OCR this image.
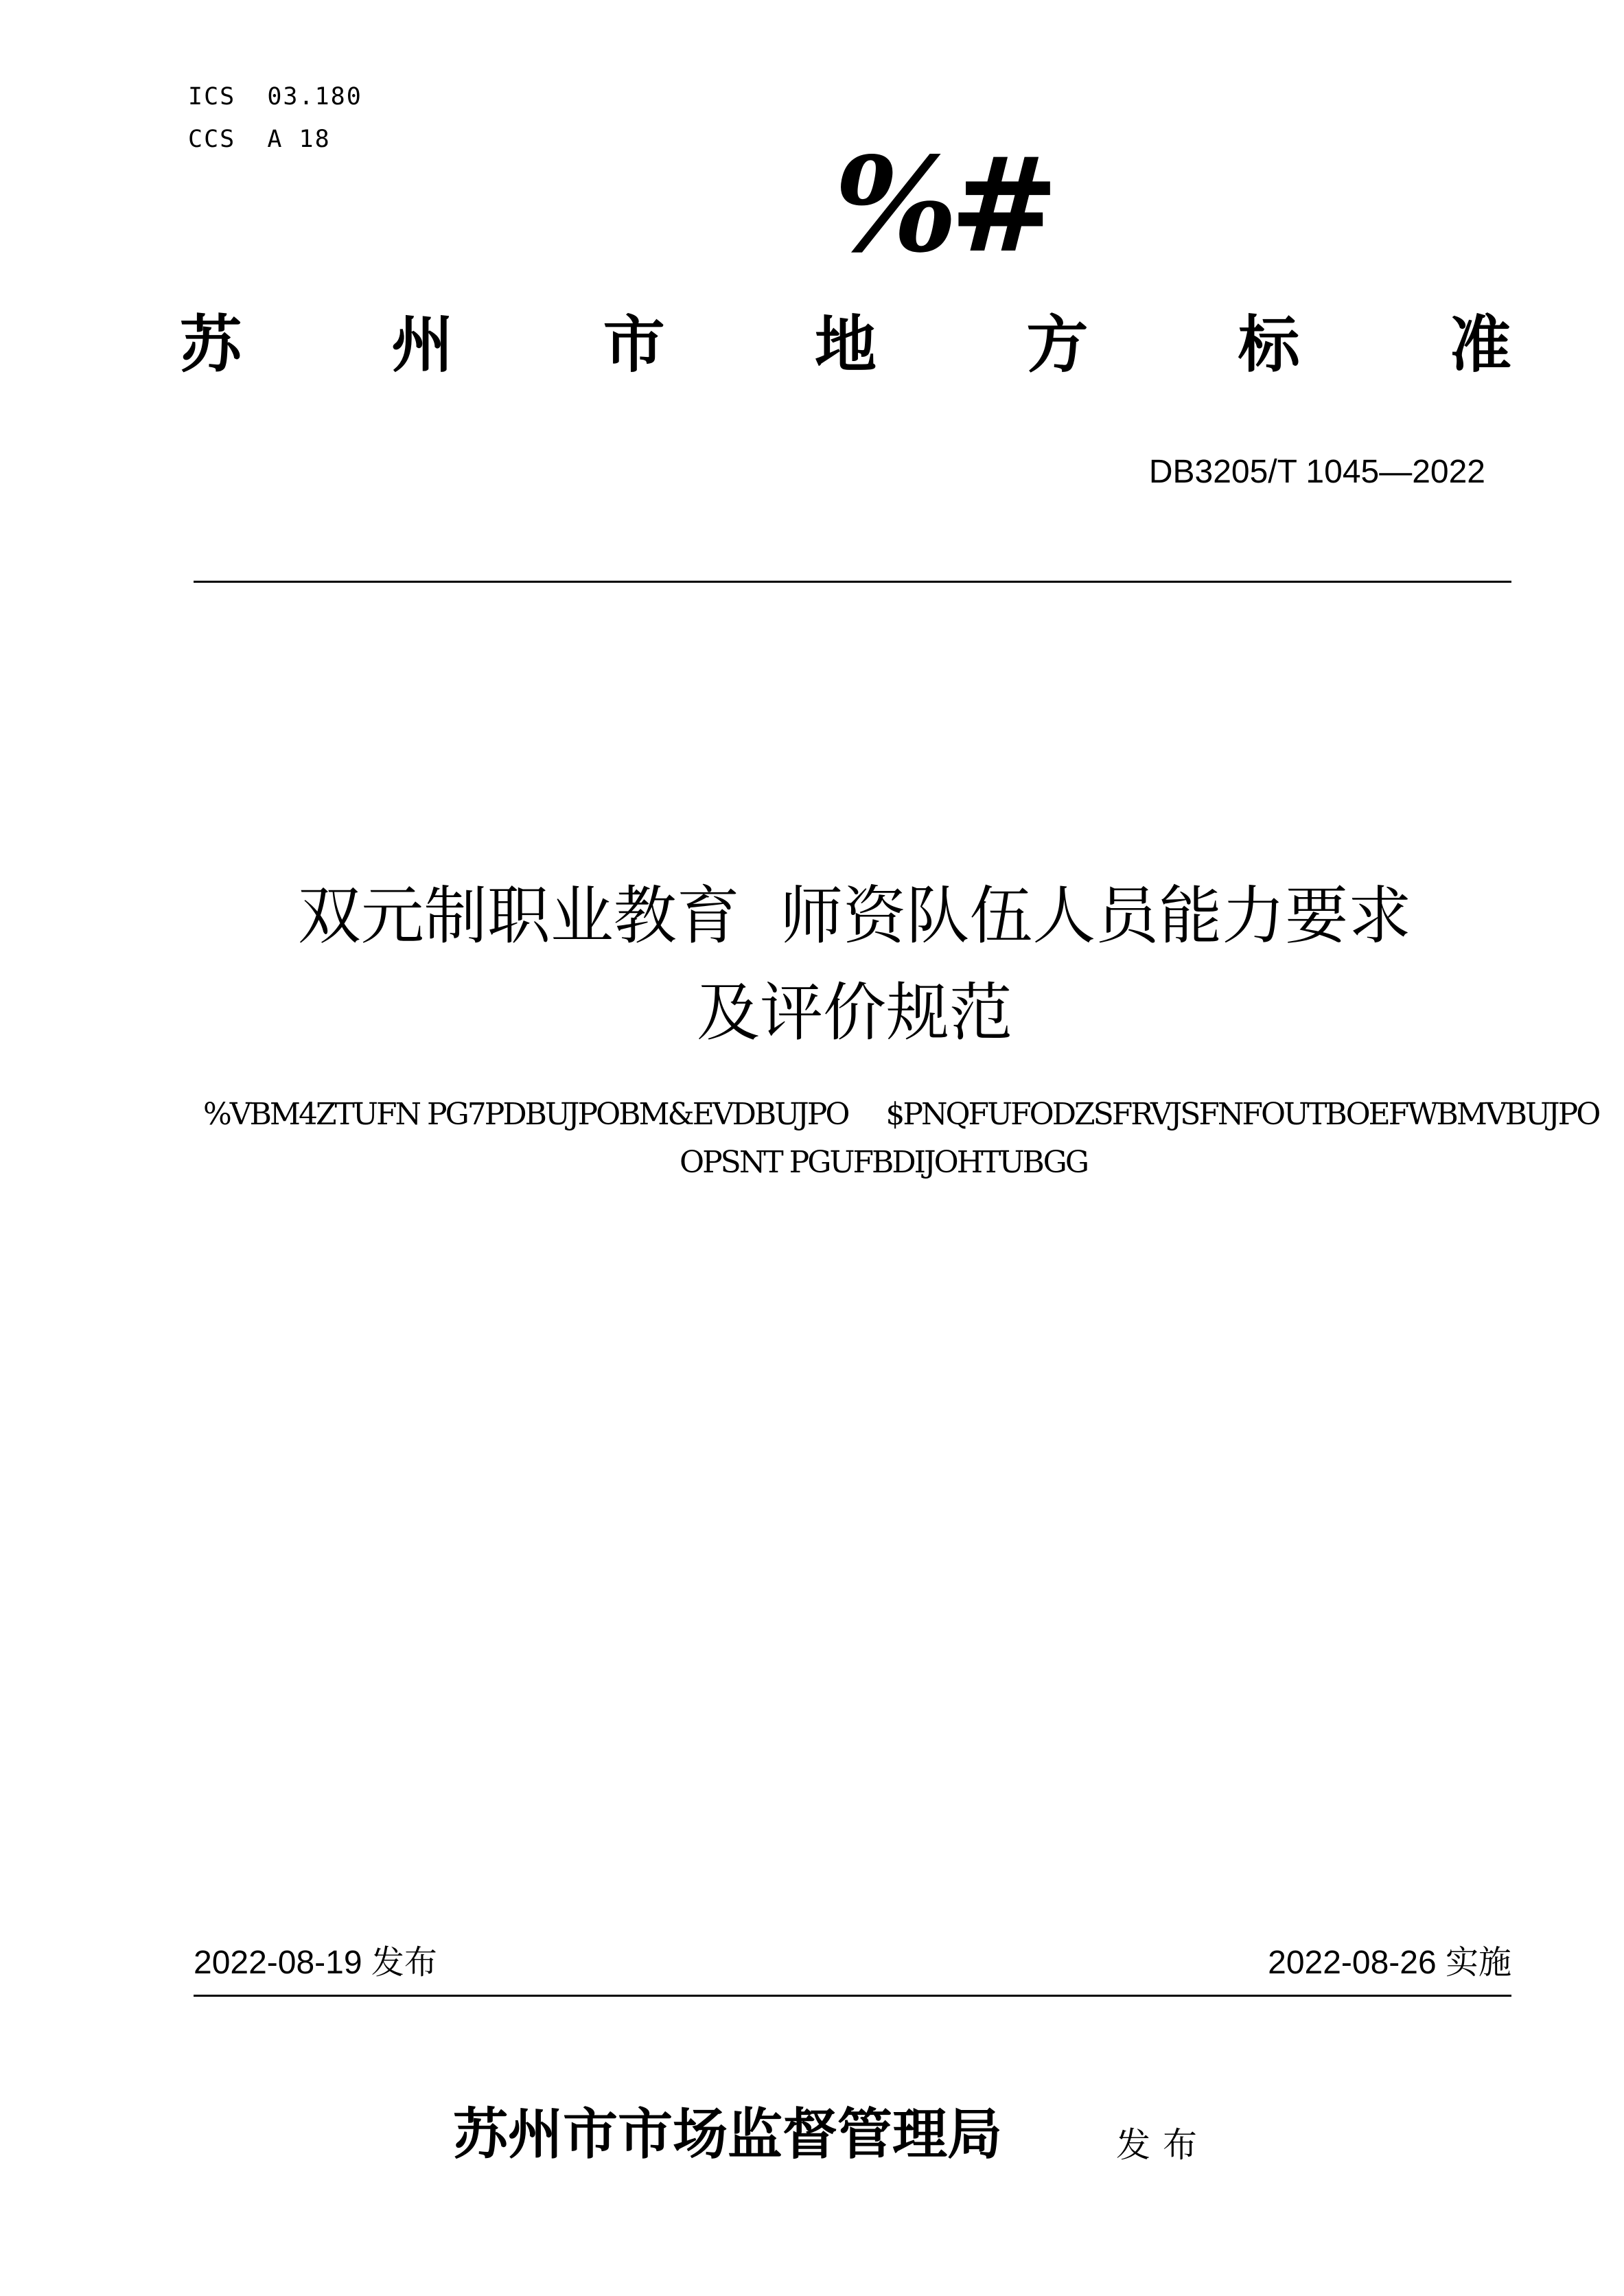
ICS  03.180
CCS  A 18	%#
苏 州 市 地 方 标 准
DB3205/T 1045—2022
双元制职业教育  师资队伍人员能力要求
及评价规范
%VBM4ZTUFN PG7PDBUJPOBM&EVDBUJPO     $PNQFUFODZSFRVJSFNFOUTBOEFWBMVBUJPO
OPSNT PGUFBDIJOHTUBGG
2022-08-19 发布	2022-08-26 实施
苏州市市场监督管理局	发布
